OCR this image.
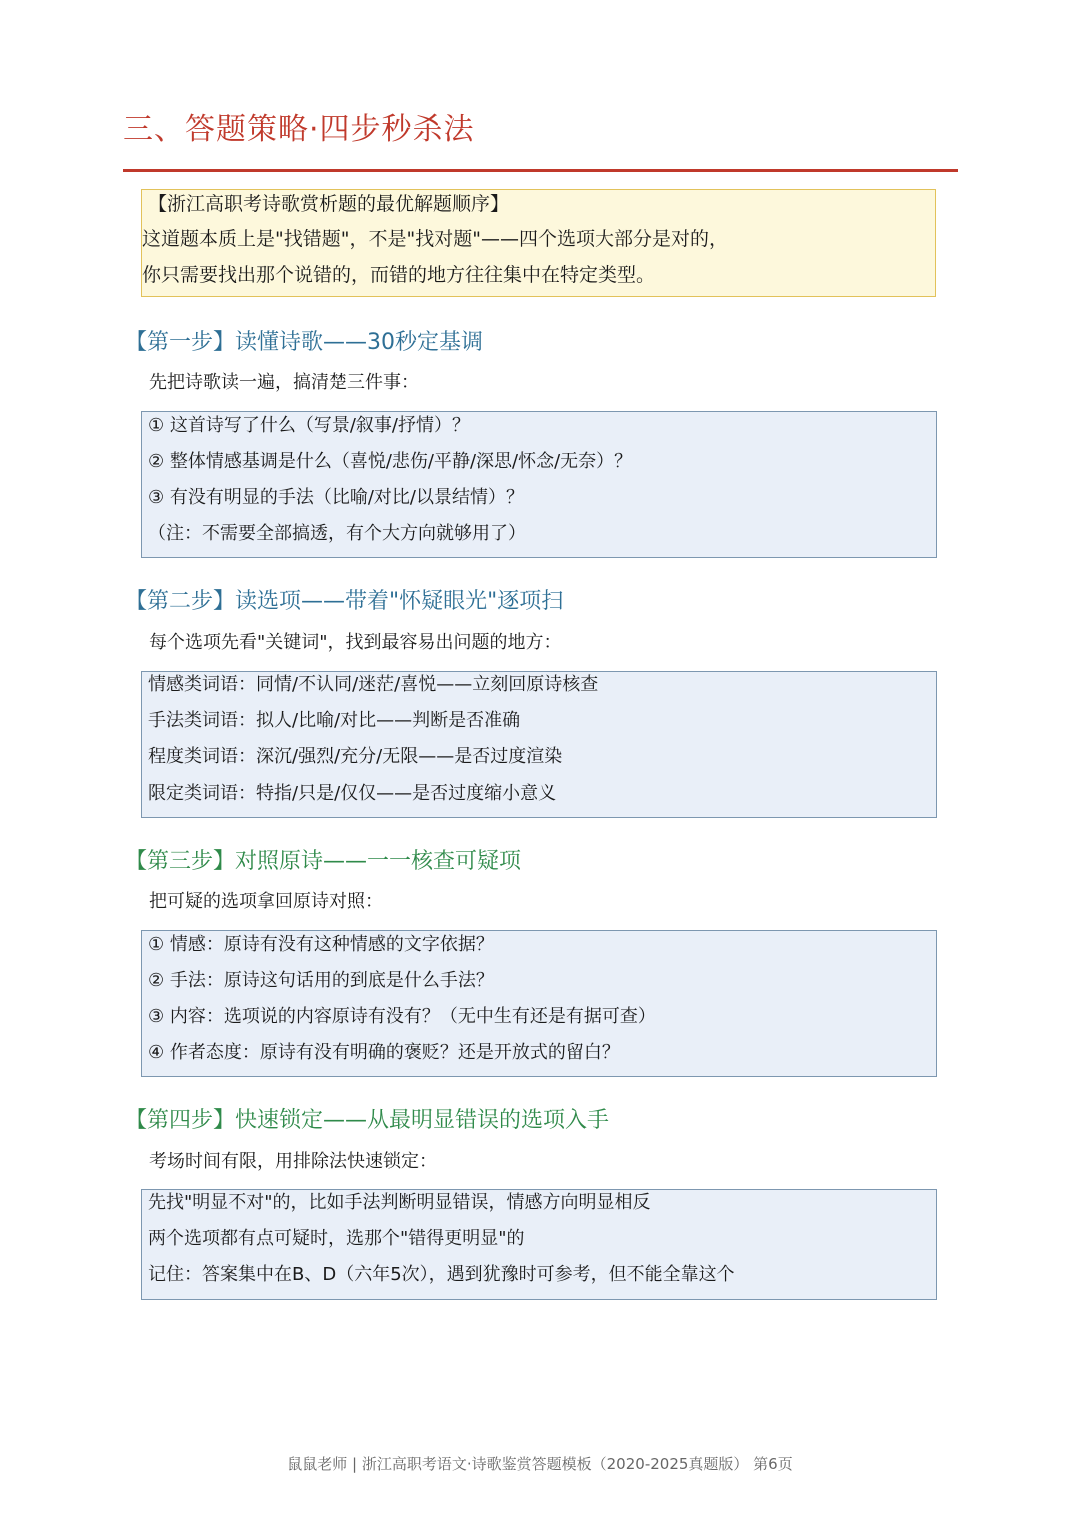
三、答题策略·四步秒杀法
【浙江高职考诗歌赏析题的最优解题顺序】
这道题本质上是"找错题"，不是"找对题"——四个选项大部分是对的，
你只需要找出那个说错的，而错的地方往往集中在特定类型。
【第一步】读懂诗歌——30秒定基调
先把诗歌读一遍，搞清楚三件事：
① 这首诗写了什么（写景/叙事/抒情）？
② 整体情感基调是什么（喜悦/悲伤/平静/深思/怀念/无奈）？
③ 有没有明显的手法（比喻/对比/以景结情）？
（注：不需要全部搞透，有个大方向就够用了）
【第二步】读选项——带着"怀疑眼光"逐项扫
每个选项先看"关键词"，找到最容易出问题的地方：
情感类词语：同情/不认同/迷茫/喜悦——立刻回原诗核查
手法类词语：拟人/比喻/对比——判断是否准确
程度类词语：深沉/强烈/充分/无限——是否过度渲染
限定类词语：特指/只是/仅仅——是否过度缩小意义
【第三步】对照原诗——一一核查可疑项
把可疑的选项拿回原诗对照：
① 情感：原诗有没有这种情感的文字依据？
② 手法：原诗这句话用的到底是什么手法？
③ 内容：选项说的内容原诗有没有？（无中生有还是有据可查）
④ 作者态度：原诗有没有明确的褒贬？还是开放式的留白？
【第四步】快速锁定——从最明显错误的选项入手
考场时间有限，用排除法快速锁定：
先找"明显不对"的，比如手法判断明显错误，情感方向明显相反
两个选项都有点可疑时，选那个"错得更明显"的
记住：答案集中在B、D（六年5次），遇到犹豫时可参考，但不能全靠这个
鼠鼠老师 | 浙江高职考语文·诗歌鉴赏答题模板（2020-2025真题版） 第6页
